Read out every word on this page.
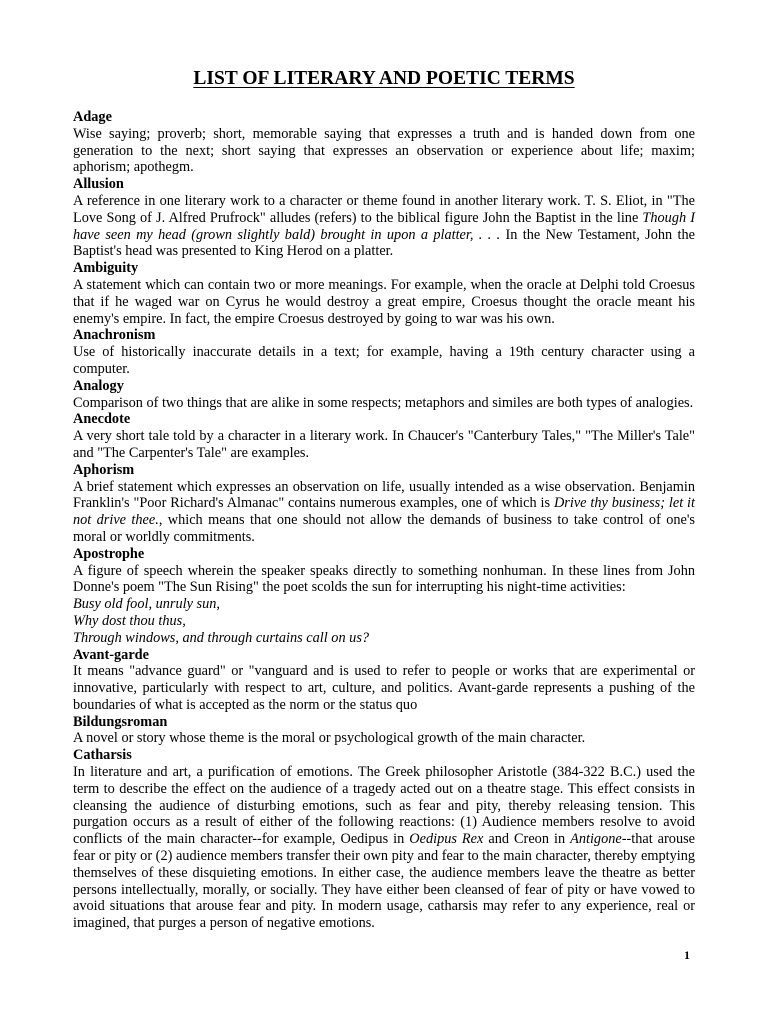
LIST OF LITERARY AND POETIC TERMS
Adage
Wise saying; proverb; short, memorable saying that expresses a truth and is handed down from one generation to the next; short saying that expresses an observation or experience about life; maxim; aphorism; apothegm.
Allusion
A reference in one literary work to a character or theme found in another literary work. T. S. Eliot, in "The Love Song of J. Alfred Prufrock" alludes (refers) to the biblical figure John the Baptist in the line Though I have seen my head (grown slightly bald) brought in upon a platter, . . . In the New Testament, John the Baptist's head was presented to King Herod on a platter.
Ambiguity
A statement which can contain two or more meanings. For example, when the oracle at Delphi told Croesus that if he waged war on Cyrus he would destroy a great empire, Croesus thought the oracle meant his enemy's empire. In fact, the empire Croesus destroyed by going to war was his own.
Anachronism
Use of historically inaccurate details in a text; for example, having a 19th century character using a computer.
Analogy
Comparison of two things that are alike in some respects; metaphors and similes are both types of analogies.
Anecdote
A very short tale told by a character in a literary work. In Chaucer's "Canterbury Tales," "The Miller's Tale" and "The Carpenter's Tale" are examples.
Aphorism
A brief statement which expresses an observation on life, usually intended as a wise observation. Benjamin Franklin's "Poor Richard's Almanac" contains numerous examples, one of which is Drive thy business; let it not drive thee., which means that one should not allow the demands of business to take control of one's moral or worldly commitments.
Apostrophe
A figure of speech wherein the speaker speaks directly to something nonhuman. In these lines from John Donne's poem "The Sun Rising" the poet scolds the sun for interrupting his night-time activities:
Busy old fool, unruly sun,
Why dost thou thus,
Through windows, and through curtains call on us?
Avant-garde
It means "advance guard" or "vanguard and is used to refer to people or works that are experimental or innovative, particularly with respect to art, culture, and politics. Avant-garde represents a pushing of the boundaries of what is accepted as the norm or the status quo
Bildungsroman
A novel or story whose theme is the moral or psychological growth of the main character.
Catharsis
In literature and art, a purification of emotions. The Greek philosopher Aristotle (384-322 B.C.) used the term to describe the effect on the audience of a tragedy acted out on a theatre stage. This effect consists in cleansing the audience of disturbing emotions, such as fear and pity, thereby releasing tension. This purgation occurs as a result of either of the following reactions: (1) Audience members resolve to avoid conflicts of the main character--for example, Oedipus in Oedipus Rex and Creon in Antigone--that arouse fear or pity or (2) audience members transfer their own pity and fear to the main character, thereby emptying themselves of these disquieting emotions. In either case, the audience members leave the theatre as better persons intellectually, morally, or socially. They have either been cleansed of fear of pity or have vowed to avoid situations that arouse fear and pity. In modern usage, catharsis may refer to any experience, real or imagined, that purges a person of negative emotions.
1
